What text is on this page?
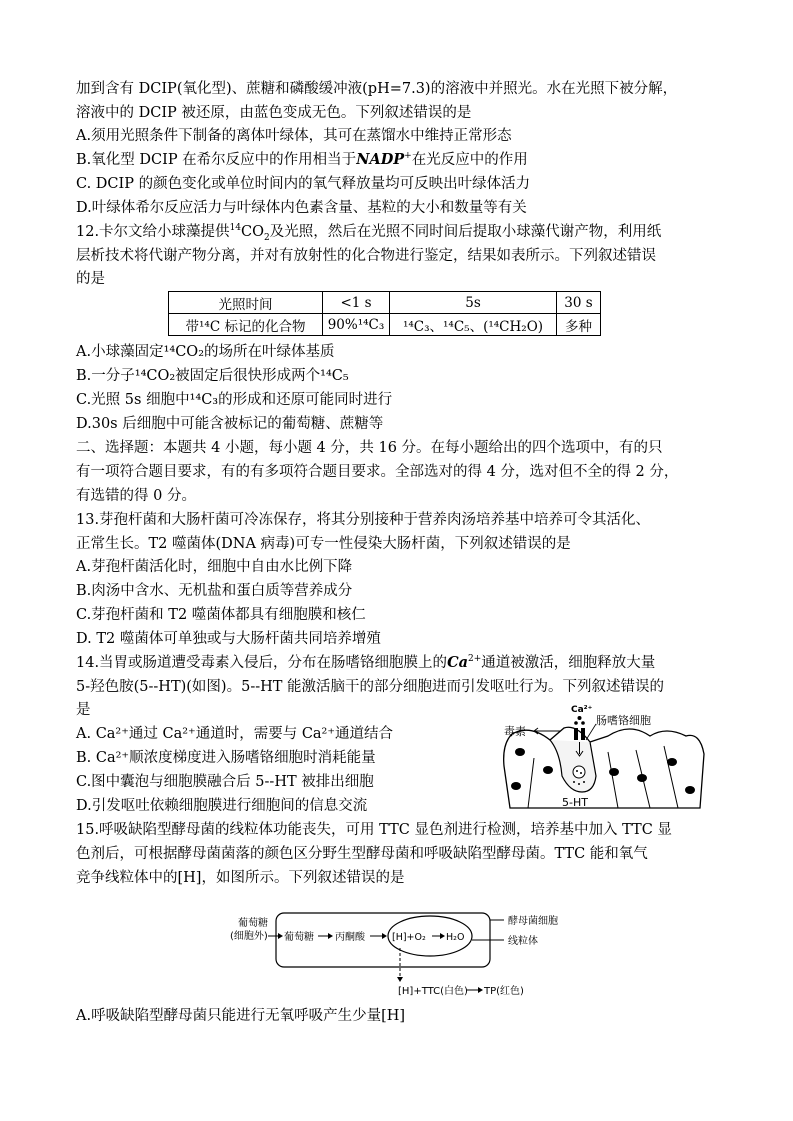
加到含有 DCIP(氧化型)、蔗糖和磷酸缓冲液(pH=7.3)的溶液中并照光。水在光照下被分解，
溶液中的 DCIP 被还原，由蓝色变成无色。下列叙述错误的是
A.须用光照条件下制备的离体叶绿体，其可在蒸馏水中维持正常形态
B.氧化型 DCIP 在希尔反应中的作用相当于NADP+在光反应中的作用
C. DCIP 的颜色变化或单位时间内的氧气释放量均可反映出叶绿体活力
D.叶绿体希尔反应活力与叶绿体内色素含量、基粒的大小和数量等有关
12.卡尔文给小球藻提供$^{14}CO_2$及光照，然后在光照不同时间后提取小球藻代谢产物，利用纸
层析技术将代谢产物分离，并对有放射性的化合物进行鉴定，结果如表所示。下列叙述错误
的是
光照时间	<1 s	5s	30 s
带¹⁴C 标记的化合物	90%¹⁴C₃	¹⁴C₃、¹⁴C₅、(¹⁴CH₂O)	多种
A.小球藻固定¹⁴CO₂的场所在叶绿体基质
B.一分子¹⁴CO₂被固定后很快形成两个¹⁴C₅
C.光照 5s 细胞中¹⁴C₃的形成和还原可能同时进行
D.30s 后细胞中可能含被标记的葡萄糖、蔗糖等
二、选择题：本题共 4 小题，每小题 4 分，共 16 分。在每小题给出的四个选项中，有的只
有一项符合题目要求，有的有多项符合题目要求。全部选对的得 4 分，选对但不全的得 2 分，
有选错的得 0 分。
13.芽孢杆菌和大肠杆菌可冷冻保存，将其分别接种于营养肉汤培养基中培养可令其活化、
正常生长。T2 噬菌体(DNA 病毒)可专一性侵染大肠杆菌，下列叙述错误的是
A.芽孢杆菌活化时，细胞中自由水比例下降
B.肉汤中含水、无机盐和蛋白质等营养成分
C.芽孢杆菌和 T2 噬菌体都具有细胞膜和核仁
D. T2 噬菌体可单独或与大肠杆菌共同培养增殖
14.当胃或肠道遭受毒素入侵后，分布在肠嗜铬细胞膜上的$Ca^{2+}$通道被激活，细胞释放大量
5-羟色胺(5--HT)(如图)。5--HT 能激活脑干的部分细胞进而引发呕吐行为。下列叙述错误的
是
A. Ca²⁺通过 Ca²⁺通道时，需要与 Ca²⁺通道结合
B. Ca²⁺顺浓度梯度进入肠嗜铬细胞时消耗能量
C.图中囊泡与细胞膜融合后 5--HT 被排出细胞
D.引发呕吐依赖细胞膜进行细胞间的信息交流
Ca²⁺
毒素
肠嗜铬细胞
5-HT
15.呼吸缺陷型酵母菌的线粒体功能丧失，可用 TTC 显色剂进行检测，培养基中加入 TTC 显
色剂后，可根据酵母菌菌落的颜色区分野生型酵母菌和呼吸缺陷型酵母菌。TTC 能和氧气
竞争线粒体中的[H]，如图所示。下列叙述错误的是
葡萄糖
(细胞外) 葡萄糖 丙酮酸	[H]+O₂ H₂O
酵母菌细胞
线粒体
[H]+TTC(白色) TP(红色)
A.呼吸缺陷型酵母菌只能进行无氧呼吸产生少量[H]
